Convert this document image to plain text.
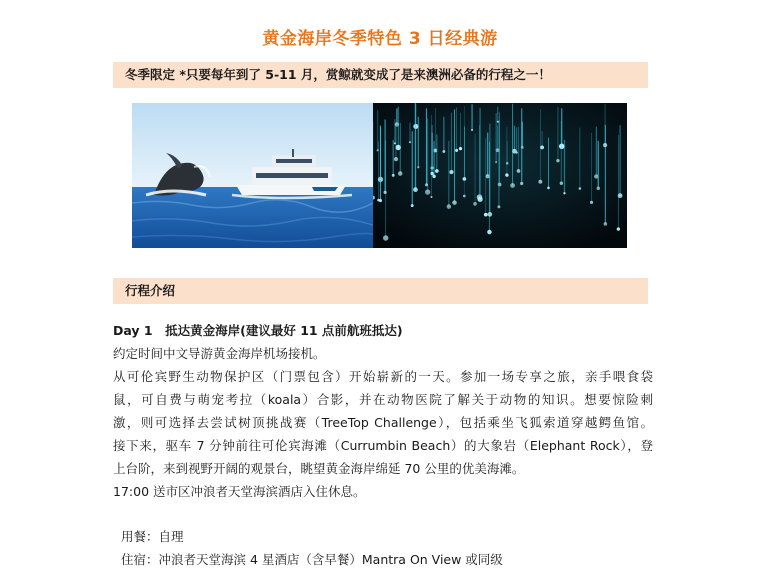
黄金海岸冬季特色 3 日经典游
冬季限定 *只要每年到了 5-11 月，赏鲸就变成了是来澳洲必备的行程之一！
行程介绍
Day 1　抵达黄金海岸(建议最好 11 点前航班抵达)
约定时间中文导游黄金海岸机场接机。
从可伦宾野生动物保护区（门票包含）开始崭新的一天。参加一场专享之旅，亲手喂食袋
鼠，可自费与萌宠考拉（koala）合影，并在动物医院了解关于动物的知识。想要惊险刺
激，则可选择去尝试树顶挑战赛（TreeTop Challenge），包括乘坐飞狐索道穿越鳄鱼馆。
接下来，驱车 7 分钟前往可伦宾海滩（Currumbin Beach）的大象岩（Elephant Rock），登
上台阶，来到视野开阔的观景台，眺望黄金海岸绵延 70 公里的优美海滩。
17:00 送市区冲浪者天堂海滨酒店入住休息。
用餐：自理
住宿：冲浪者天堂海滨 4 星酒店（含早餐）Mantra On View 或同级
